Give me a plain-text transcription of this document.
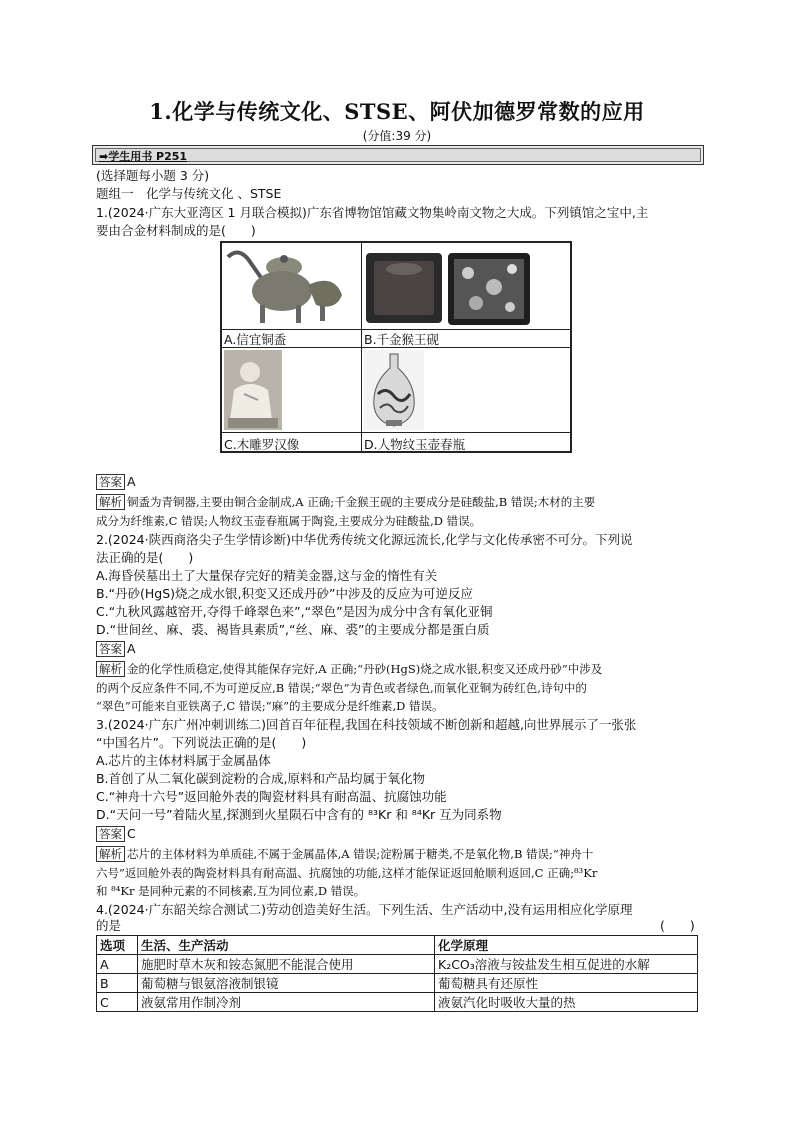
1.化学与传统文化、STSE、阿伏加德罗常数的应用
(分值:39 分)
➡学生用书 P251
(选择题每小题 3 分)
题组一　化学与传统文化 、STSE
1.(2024·广东大亚湾区 1 月联合模拟)广东省博物馆馆藏文物集岭南文物之大成。下列镇馆之宝中,主
要由合金材料制成的是(　　)
A.信宜铜盉	B.千金猴王砚
C.木雕罗汉像	D.人物纹玉壶春瓶
答案 A
解析 铜盉为青铜器,主要由铜合金制成,A 正确;千金猴王砚的主要成分是硅酸盐,B 错误;木材的主要
成分为纤维素,C 错误;人物纹玉壶春瓶属于陶瓷,主要成分为硅酸盐,D 错误。
2.(2024·陕西商洛尖子生学情诊断)中华优秀传统文化源远流长,化学与文化传承密不可分。下列说
法正确的是(　　)
A.海昏侯墓出土了大量保存完好的精美金器,这与金的惰性有关
B.“丹砂(HgS)烧之成水银,积变又还成丹砂”中涉及的反应为可逆反应
C.“九秋风露越窑开,夺得千峰翠色来”,“翠色”是因为成分中含有氧化亚铜
D.“世间丝、麻、裘、褐皆具素质”,“丝、麻、裘”的主要成分都是蛋白质
答案 A
解析 金的化学性质稳定,使得其能保存完好,A 正确;“丹砂(HgS)烧之成水银,积变又还成丹砂”中涉及
的两个反应条件不同,不为可逆反应,B 错误;“翠色”为青色或者绿色,而氧化亚铜为砖红色,诗句中的
“翠色”可能来自亚铁离子,C 错误;“麻”的主要成分是纤维素,D 错误。
3.(2024·广东广州冲刺训练二)回首百年征程,我国在科技领域不断创新和超越,向世界展示了一张张
“中国名片”。下列说法正确的是(　　)
A.芯片的主体材料属于金属晶体
B.首创了从二氧化碳到淀粉的合成,原料和产品均属于氧化物
C.“神舟十六号”返回舱外表的陶瓷材料具有耐高温、抗腐蚀功能
D.“天问一号”着陆火星,探测到火星陨石中含有的 ⁸³Kr 和 ⁸⁴Kr 互为同系物
答案 C
解析 芯片的主体材料为单质硅,不属于金属晶体,A 错误;淀粉属于糖类,不是氧化物,B 错误;“神舟十
六号”返回舱外表的陶瓷材料具有耐高温、抗腐蚀的功能,这样才能保证返回舱顺利返回,C 正确;⁸³Kr
和 ⁸⁴Kr 是同种元素的不同核素,互为同位素,D 错误。
4.(2024·广东韶关综合测试二)劳动创造美好生活。下列生活、生产活动中,没有运用相应化学原理
的是	(　　)
选项	生活、生产活动	化学原理
A	施肥时草木灰和铵态氮肥不能混合使用	K₂CO₃溶液与铵盐发生相互促进的水解
B	葡萄糖与银氨溶液制银镜	葡萄糖具有还原性
C	液氨常用作制冷剂	液氨汽化时吸收大量的热
